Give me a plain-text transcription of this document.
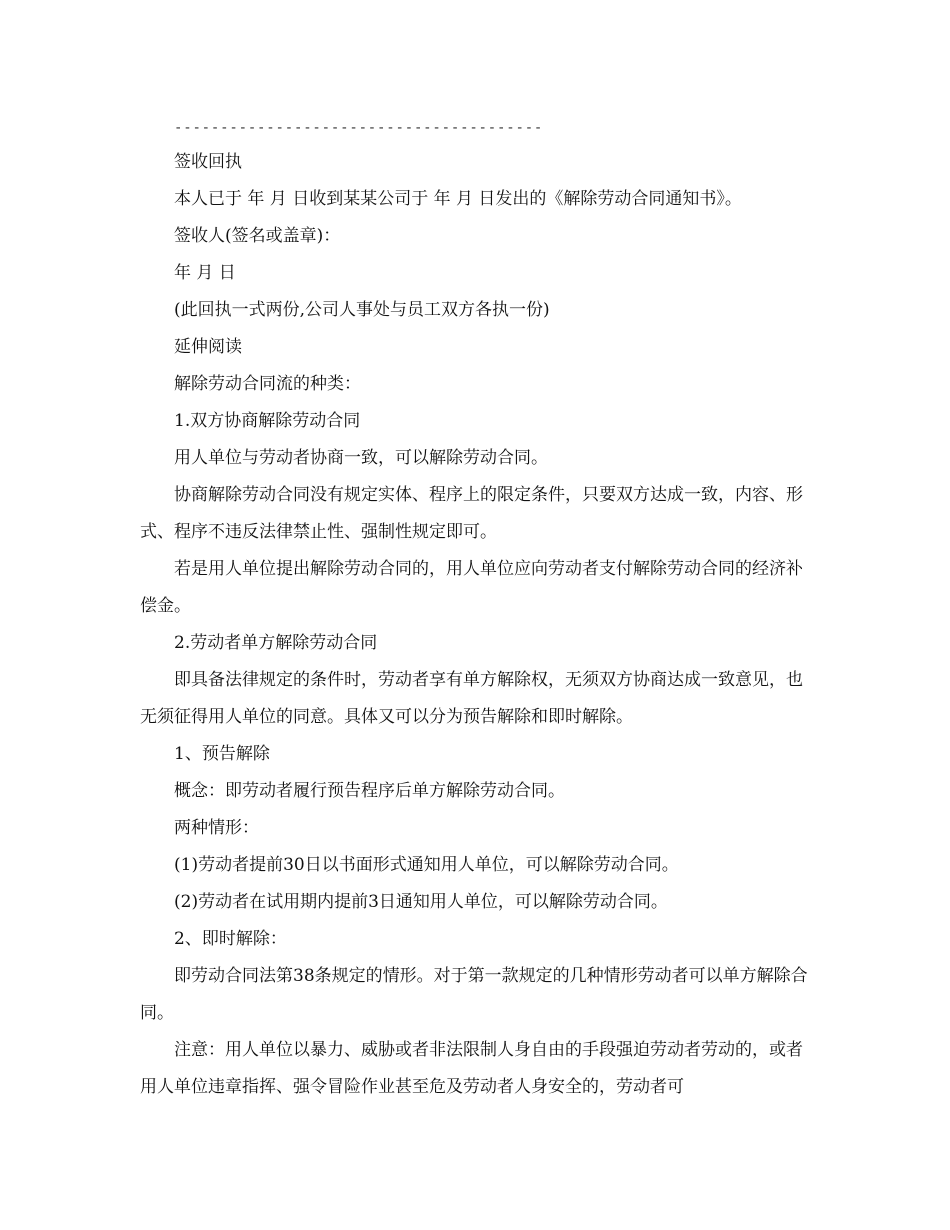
----------------------------------------

签收回执

本人已于 年 月 日收到某某公司于 年 月 日发出的《解除劳动合同通知书》。

签收人(签名或盖章)：

年 月 日

(此回执一式两份,公司人事处与员工双方各执一份)

延伸阅读

解除劳动合同流的种类：

1.双方协商解除劳动合同

用人单位与劳动者协商一致，可以解除劳动合同。

协商解除劳动合同没有规定实体、程序上的限定条件，只要双方达成一致，内容、形式、程序不违反法律禁止性、强制性规定即可。

若是用人单位提出解除劳动合同的，用人单位应向劳动者支付解除劳动合同的经济补偿金。

2.劳动者单方解除劳动合同

即具备法律规定的条件时，劳动者享有单方解除权，无须双方协商达成一致意见，也无须征得用人单位的同意。具体又可以分为预告解除和即时解除。

1、预告解除

概念：即劳动者履行预告程序后单方解除劳动合同。

两种情形：

(1)劳动者提前30日以书面形式通知用人单位，可以解除劳动合同。

(2)劳动者在试用期内提前3日通知用人单位，可以解除劳动合同。

2、即时解除：

即劳动合同法第38条规定的情形。对于第一款规定的几种情形劳动者可以单方解除合同。

注意：用人单位以暴力、威胁或者非法限制人身自由的手段强迫劳动者劳动的，或者用人单位违章指挥、强令冒险作业甚至危及劳动者人身安全的，劳动者可
